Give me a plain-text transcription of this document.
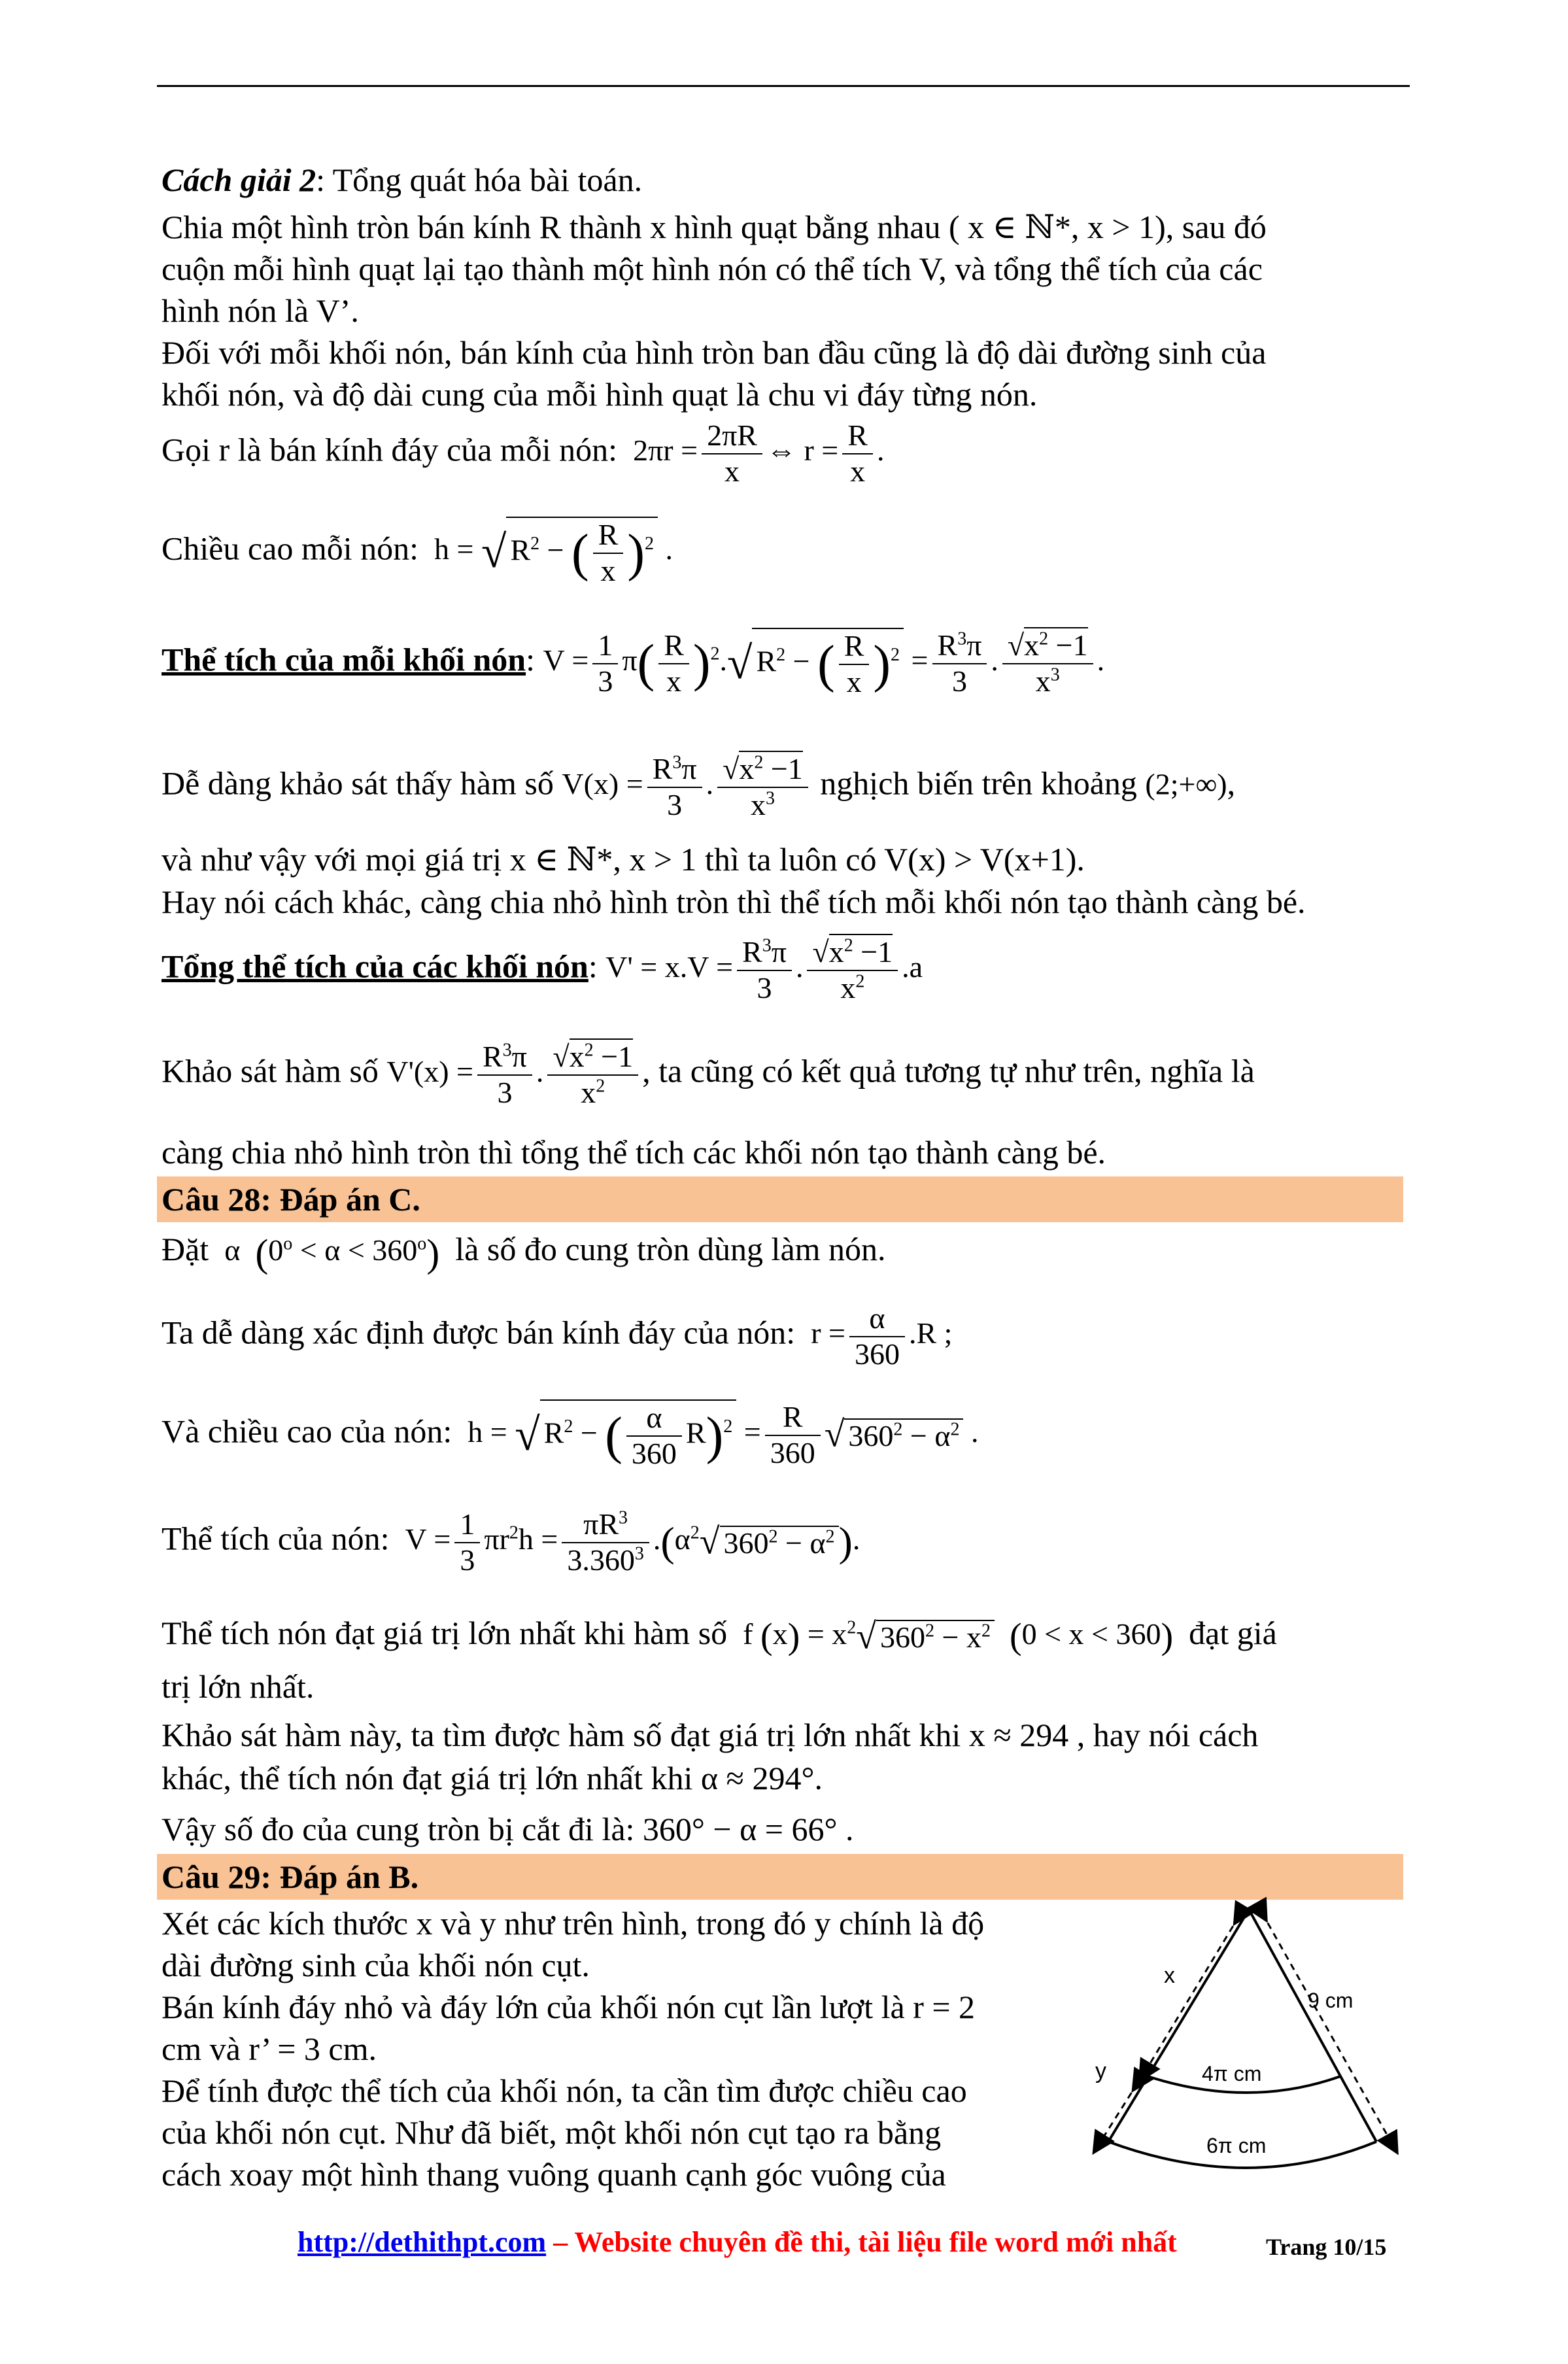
Cách giải 2: Tổng quát hóa bài toán.
Chia một hình tròn bán kính R thành x hình quạt bằng nhau ( x ∈ ℕ*, x > 1), sau đó
cuộn mỗi hình quạt lại tạo thành một hình nón có thể tích V, và tổng thể tích của các
hình nón là V’.
Đối với mỗi khối nón, bán kính của hình tròn ban đầu cũng là độ dài đường sinh của
khối nón, và độ dài cung của mỗi hình quạt là chu vi đáy từng nón.
Gọi r là bán kính đáy của mỗi nón:  $2\pi r = \frac{2\pi R}{x}$ ⇔ $r = \frac{R}{x}$ .
Chiều cao mỗi nón:  h = √ $R^2$ − ( $\frac{R}{x} )^2$ .
Thể tích của mỗi khối nón: $V = \frac{1}{3} \pi( \frac{R}{x} )^2.√$ $R^2$ − ( $\frac{R}{x} )^2 = \frac{R^3\pi}{3}$ . $\frac{√x^2 -1}{x^3}$ .
Dễ dàng khảo sát thấy hàm số $V(x) = \frac{R^3\pi}{3}$ . $\frac{√x^2 -1}{x^3}$ nghịch biến trên khoảng (2;+∞),
và như vậy với mọi giá trị x ∈ ℕ*, x > 1 thì ta luôn có V(x) > V(x+1).
Hay nói cách khác, càng chia nhỏ hình tròn thì thể tích mỗi khối nón tạo thành càng bé.
Tổng thể tích của các khối nón: $V' = x.V = \frac{R^3\pi}{3}$ . $\frac{√x^2 -1}{x^2} .a$
Khảo sát hàm số $V'(x) = \frac{R^3\pi}{3}$ . $\frac{√x^2 -1}{x^2}$ , ta cũng có kết quả tương tự như trên, nghĩa là
càng chia nhỏ hình tròn thì tổng thể tích các khối nón tạo thành càng bé.
Câu 28: Đáp án C.
Đặt  α  $(0^o < \alpha < 360^o)$ là số đo cung tròn dùng làm nón.
Ta dễ dàng xác định được bán kính đáy của nón:  $r = \frac{\alpha}{360} .R$ ;
Và chiều cao của nón:  h = √ $R^2$ − ( $\frac{\alpha}{360} R)^2 = \frac{R}{360}$ √ $360^2 - \alpha^2$ .
Thể tích của nón:  $V = \frac{1}{3} \pi r^2h = \frac{\pi R^3}{3.360^3} .(\alpha^2√$ $360^2 - \alpha^2$).
Thể tích nón đạt giá trị lớn nhất khi hàm số  f $(x) = x^2√$ $360^2 - x^2$ (0 < x < 360) đạt giá
trị lớn nhất.
Khảo sát hàm này, ta tìm được hàm số đạt giá trị lớn nhất khi x ≈ 294 , hay nói cách
khác, thể tích nón đạt giá trị lớn nhất khi α ≈ 294°.
Vậy số đo của cung tròn bị cắt đi là: 360° − α = 66° .
Câu 29: Đáp án B.
Xét các kích thước x và y như trên hình, trong đó y chính là độ
dài đường sinh của khối nón cụt.
Bán kính đáy nhỏ và đáy lớn của khối nón cụt lần lượt là r = 2
cm và r’ = 3 cm.
Để tính được thể tích của khối nón, ta cần tìm được chiều cao
của khối nón cụt. Như đã biết, một khối nón cụt tạo ra bằng
cách xoay một hình thang vuông quanh cạnh góc vuông của
x
y
9 cm
4π cm
6π cm
http://dethithpt.com – Website chuyên đề thi, tài liệu file word mới nhất	Trang 10/15
